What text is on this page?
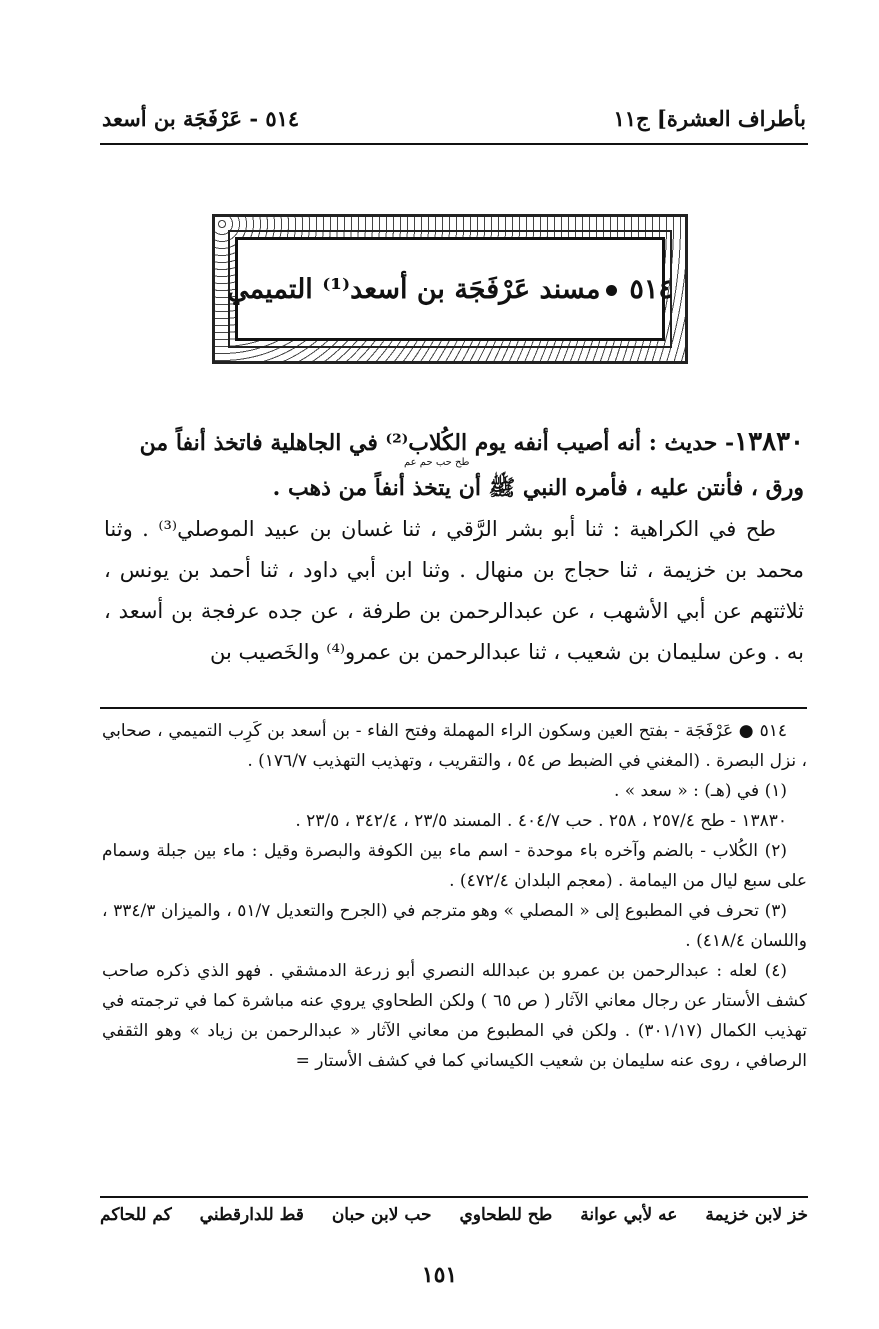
بأطراف العشرة] ج١١
٥١٤ - عَرْفَجَة بن أسعد
٥١٤مسند عَرْفَجَة بن أسعد⁽¹⁾ التميمي

١٣٨٣٠- حديث : أنه أصيب أنفه يوم الكُلاب⁽²⁾ في الجاهلية فاتخذ أنفاً من

طح حب حم عم

ورق ، فأنتن عليه ، فأمره النبي ﷺ أن يتخذ أنفاً من ذهب .

طح في الكراهية : ثنا أبو بشر الرَّقي ، ثنا غسان بن عبيد الموصلي⁽³⁾ . وثنا محمد بن خزيمة ، ثنا حجاج بن منهال . وثنا ابن أبي داود ، ثنا أحمد بن يونس ، ثلاثتهم عن أبي الأشهب ، عن عبدالرحمن بن طرفة ، عن جده عرفجة بن أسعد ، به . وعن سليمان بن شعيب ، ثنا عبدالرحمن بن عمرو⁽⁴⁾ والخَصيب بن

٥١٤ ● عَرْفَجَة - بفتح العين وسكون الراء المهملة وفتح الفاء - بن أسعد بن كَرِب التميمي ، صحابي ، نزل البصرة . (المغني في الضبط ص ٥٤ ، والتقريب ، وتهذيب التهذيب ١٧٦/٧) .

(١) في (هـ) : « سعد » .

١٣٨٣٠ - طح ٢٥٧/٤ ، ٢٥٨ . حب ٤٠٤/٧ . المسند ٢٣/٥ ، ٣٤٢/٤ ، ٢٣/٥ .

(٢) الكُلاب - بالضم وآخره باء موحدة - اسم ماء بين الكوفة والبصرة وقيل : ماء بين جبلة وسمام على سبع ليال من اليمامة . (معجم البلدان ٤٧٢/٤) .

(٣) تحرف في المطبوع إلى « المصلي » وهو مترجم في (الجرح والتعديل ٥١/٧ ، والميزان ٣٣٤/٣ ، واللسان ٤١٨/٤) .

(٤) لعله : عبدالرحمن بن عمرو بن عبدالله النصري أبو زرعة الدمشقي . فهو الذي ذكره صاحب كشف الأستار عن رجال معاني الآثار ( ص ٦٥ ) ولكن الطحاوي يروي عنه مباشرة كما في ترجمته في تهذيب الكمال (٣٠١/١٧) . ولكن في المطبوع من معاني الآثار « عبدالرحمن بن زياد » وهو الثقفي الرصافي ، روى عنه سليمان بن شعيب الكيساني كما في كشف الأستار =

خز لابن خزيمة
عه لأبي عوانة
طح للطحاوي
حب لابن حبان
قط للدارقطني
كم للحاكم
١٥١
